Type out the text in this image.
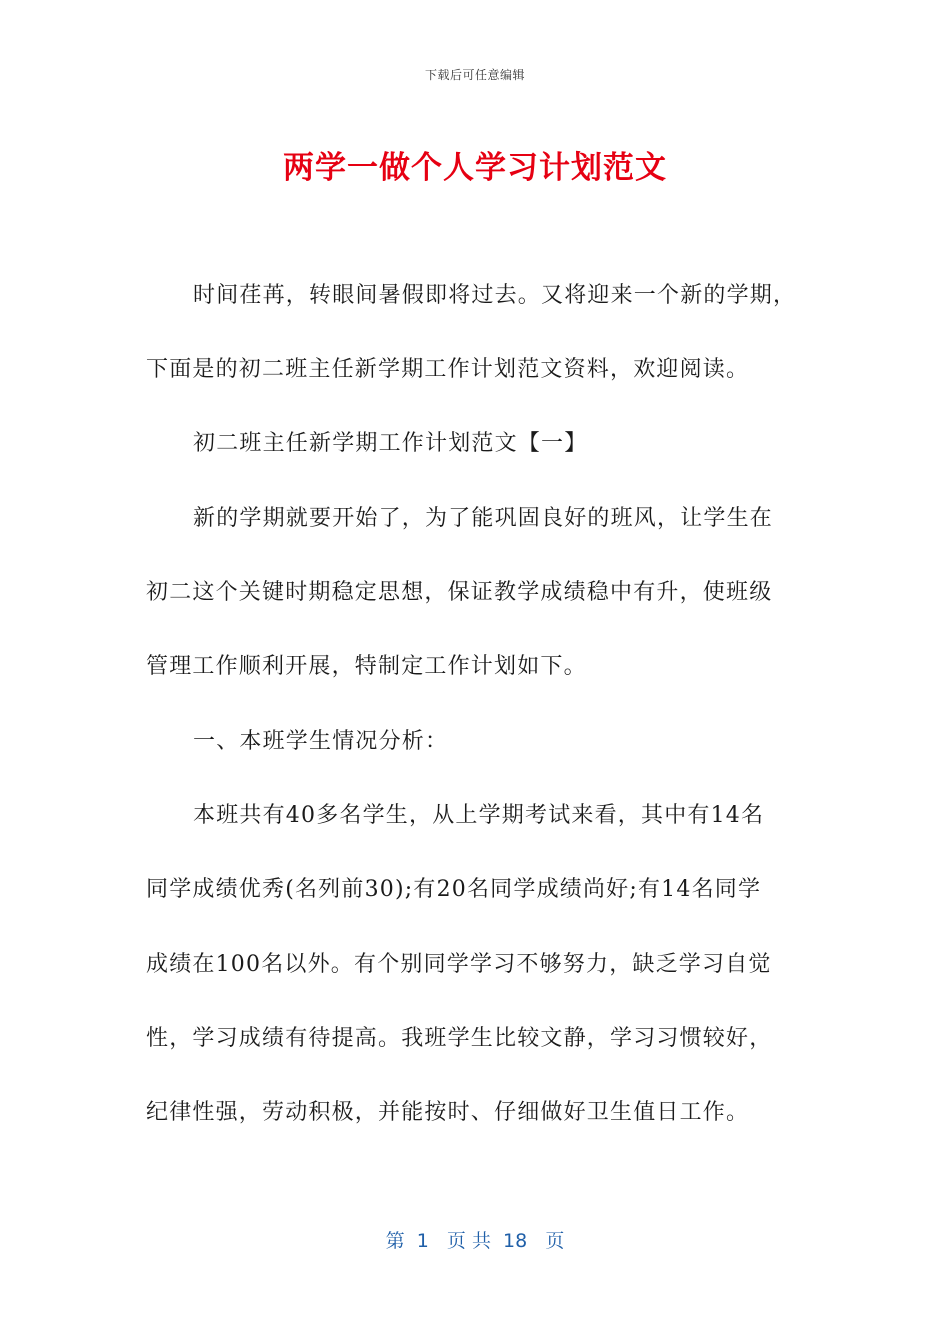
下载后可任意编辑
两学一做个人学习计划范文
时间荏苒，转眼间暑假即将过去。又将迎来一个新的学期，
下面是的初二班主任新学期工作计划范文资料，欢迎阅读。
初二班主任新学期工作计划范文【一】
新的学期就要开始了，为了能巩固良好的班风，让学生在
初二这个关键时期稳定思想，保证教学成绩稳中有升，使班级
管理工作顺利开展，特制定工作计划如下。
一、本班学生情况分析：
本班共有40多名学生，从上学期考试来看，其中有14名
同学成绩优秀(名列前30);有20名同学成绩尚好;有14名同学
成绩在100名以外。有个别同学学习不够努力，缺乏学习自觉
性，学习成绩有待提高。我班学生比较文静，学习习惯较好，
纪律性强，劳动积极，并能按时、仔细做好卫生值日工作。
第  1   页 共  18   页
